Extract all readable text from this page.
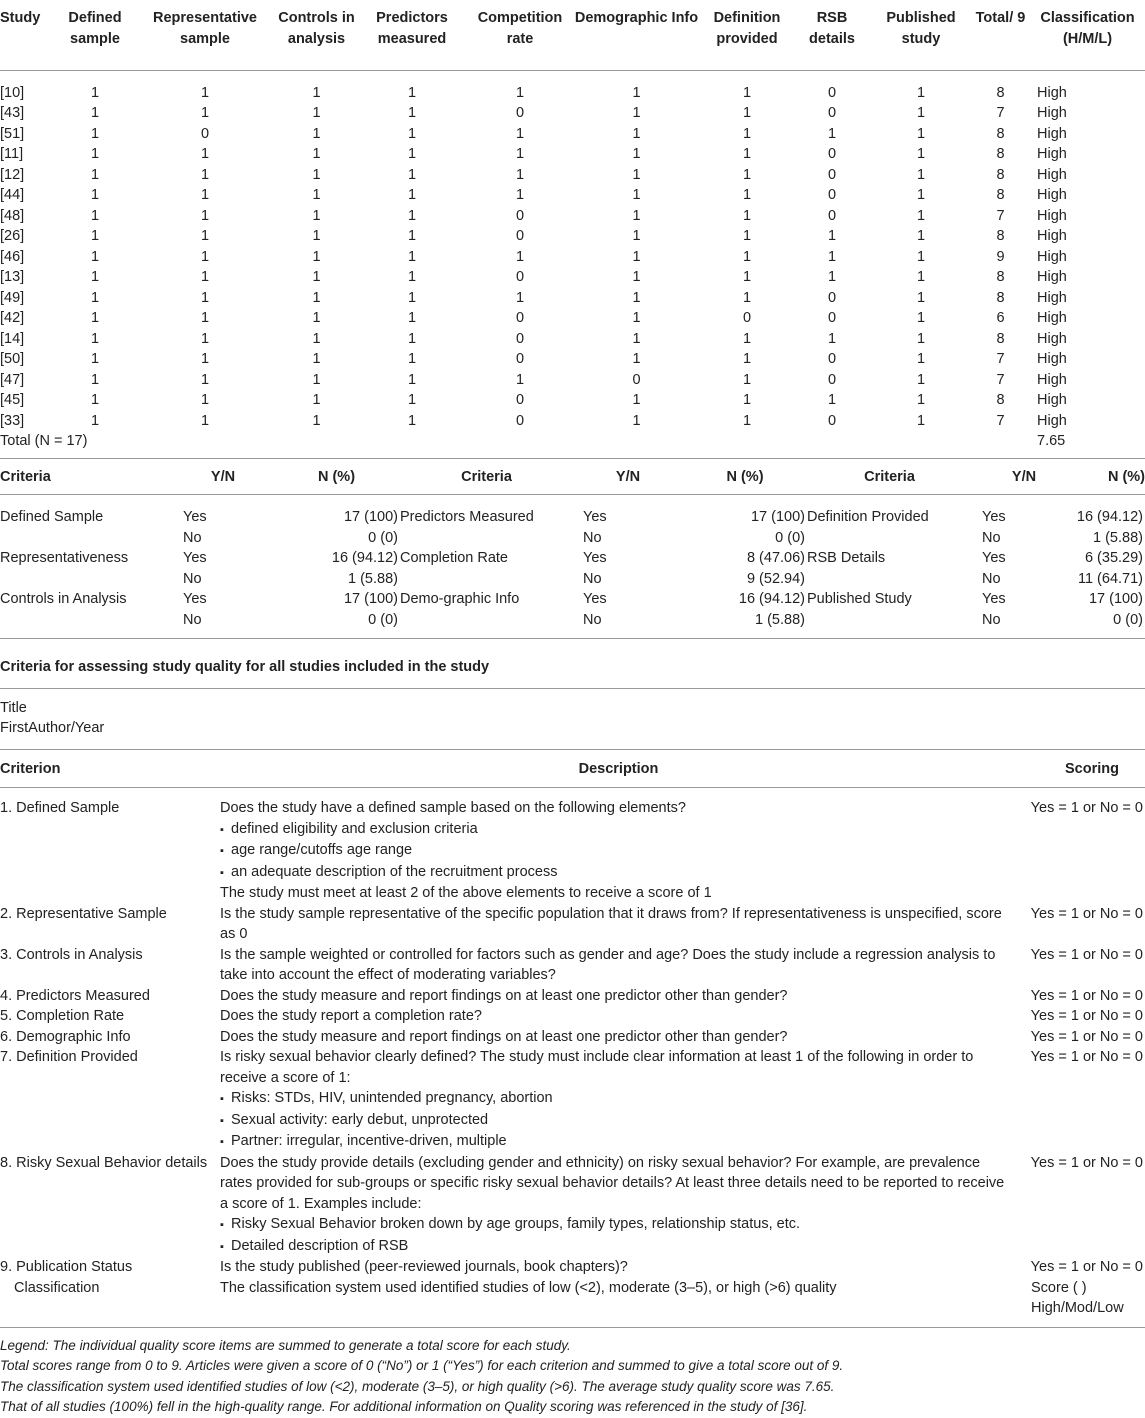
Study	Defined sample	Representative sample	Controls in analysis	Predictors measured	Competition rate	Demographic Info	Definition provided	RSB details	Published study	Total/ 9	Classification (H/M/L)
[10]	1	1	1	1	1	1	1	0	1	8	High
[43]	1	1	1	1	0	1	1	0	1	7	High
[51]	1	0	1	1	1	1	1	1	1	8	High
[11]	1	1	1	1	1	1	1	0	1	8	High
[12]	1	1	1	1	1	1	1	0	1	8	High
[44]	1	1	1	1	1	1	1	0	1	8	High
[48]	1	1	1	1	0	1	1	0	1	7	High
[26]	1	1	1	1	0	1	1	1	1	8	High
[46]	1	1	1	1	1	1	1	1	1	9	High
[13]	1	1	1	1	0	1	1	1	1	8	High
[49]	1	1	1	1	1	1	1	0	1	8	High
[42]	1	1	1	1	0	1	0	0	1	6	High
[14]	1	1	1	1	0	1	1	1	1	8	High
[50]	1	1	1	1	0	1	1	0	1	7	High
[47]	1	1	1	1	1	0	1	0	1	7	High
[45]	1	1	1	1	0	1	1	1	1	8	High
[33]	1	1	1	1	0	1	1	0	1	7	High
Total (N = 17)											7.65
Criteria	Y/N	N (%)	Criteria	Y/N	N (%)	Criteria	Y/N	N (%)
Defined Sample	Yes	17 (100)	Predictors Measured	Yes	17 (100)	Definition Provided	Yes	16 (94.12)
	No	0 (0)		No	0 (0)		No	1 (5.88)
Representativeness	Yes	16 (94.12)	Completion Rate	Yes	8 (47.06)	RSB Details	Yes	6 (35.29)
	No	1 (5.88)		No	9 (52.94)		No	11 (64.71)
Controls in Analysis	Yes	17 (100)	Demo-graphic Info	Yes	16 (94.12)	Published Study	Yes	17 (100)
	No	0 (0)		No	1 (5.88)		No	0 (0)
Criteria for assessing study quality for all studies included in the study
Title
FirstAuthor/Year
Criterion	Description	Scoring
1. Defined Sample	Does the study have a defined sample based on the following elements?
▪ defined eligibility and exclusion criteria
▪ age range/cutoffs age range
▪ an adequate description of the recruitment process
The study must meet at least 2 of the above elements to receive a score of 1	Yes = 1 or No = 0
2. Representative Sample	Is the study sample representative of the specific population that it draws from? If representativeness is unspecified, score as 0	Yes = 1 or No = 0
3. Controls in Analysis	Is the sample weighted or controlled for factors such as gender and age? Does the study include a regression analysis to take into account the effect of moderating variables?	Yes = 1 or No = 0
4. Predictors Measured	Does the study measure and report findings on at least one predictor other than gender?	Yes = 1 or No = 0
5. Completion Rate	Does the study report a completion rate?	Yes = 1 or No = 0
6. Demographic Info	Does the study measure and report findings on at least one predictor other than gender?	Yes = 1 or No = 0
7. Definition Provided	Is risky sexual behavior clearly defined? The study must include clear information at least 1 of the following in order to receive a score of 1:
▪ Risks: STDs, HIV, unintended pregnancy, abortion
▪ Sexual activity: early debut, unprotected
▪ Partner: irregular, incentive-driven, multiple	Yes = 1 or No = 0
8. Risky Sexual Behavior details	Does the study provide details (excluding gender and ethnicity) on risky sexual behavior? For example, are prevalence rates provided for sub-groups or specific risky sexual behavior details? At least three details need to be reported to receive a score of 1. Examples include:
▪ Risky Sexual Behavior broken down by age groups, family types, relationship status, etc.
▪ Detailed description of RSB	Yes = 1 or No = 0
9. Publication Status	Is the study published (peer-reviewed journals, book chapters)?	Yes = 1 or No = 0

Classification	The classification system used identified studies of low (<2), moderate (3–5), or high (>6) quality	Score ( )
High/Mod/Low
Legend: The individual quality score items are summed to generate a total score for each study.
Total scores range from 0 to 9. Articles were given a score of 0 (“No”) or 1 (“Yes”) for each criterion and summed to give a total score out of 9.
The classification system used identified studies of low (<2), moderate (3–5), or high quality (>6). The average study quality score was 7.65.
That of all studies (100%) fell in the high-quality range. For additional information on Quality scoring was referenced in the study of [36].
